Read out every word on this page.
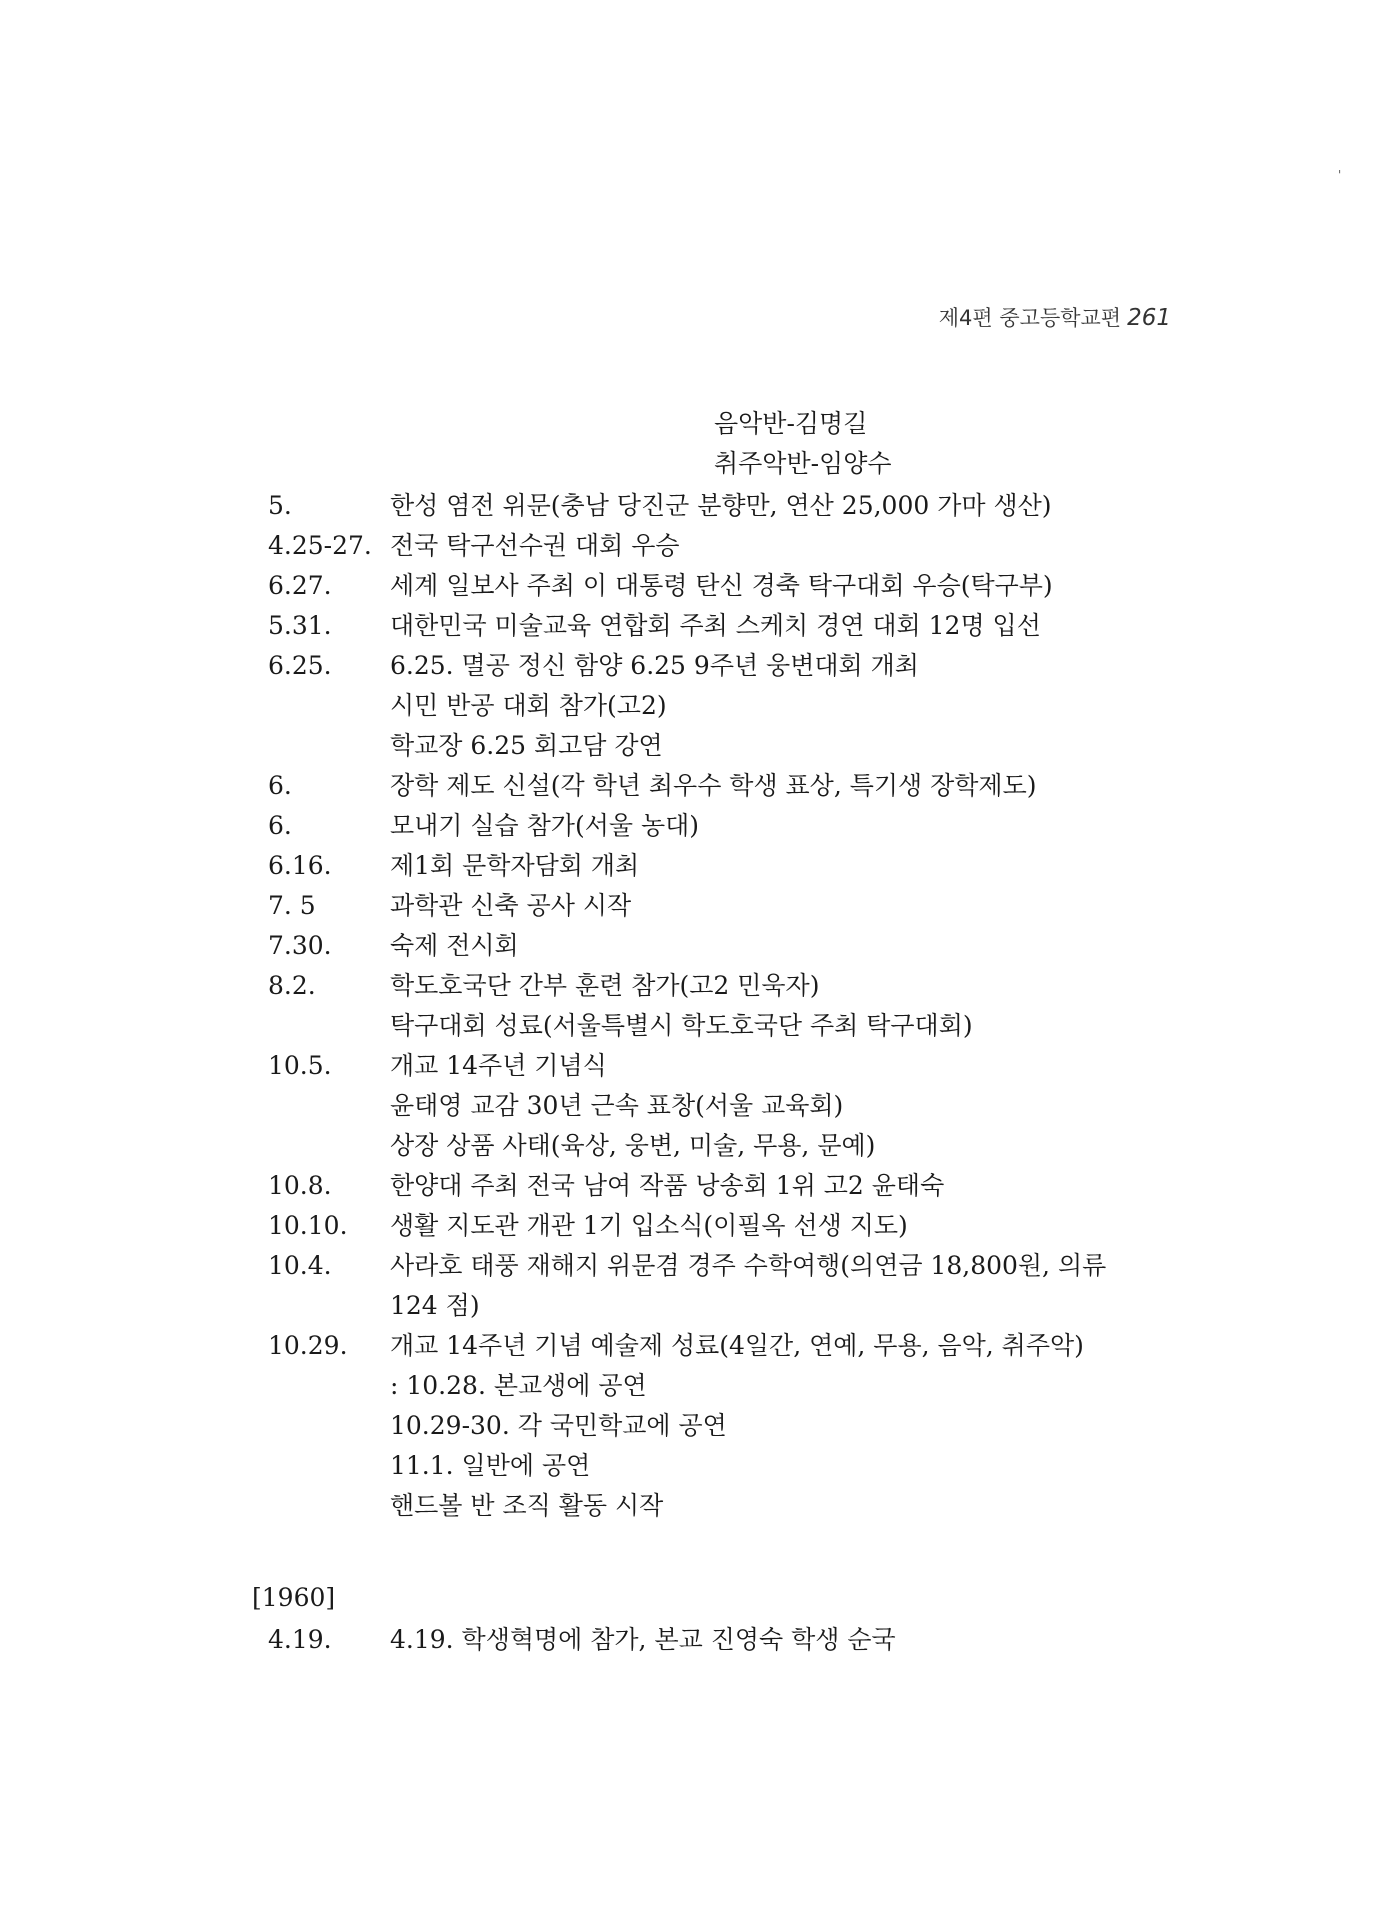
제4편 중고등학교편 261
'
음악반-김명길
취주악반-임양수
5.	한성 염전 위문(충남 당진군 분향만, 연산 25,000 가마 생산)
4.25-27. 전국 탁구선수권 대회 우승
6.27.	세계 일보사 주최 이 대통령 탄신 경축 탁구대회 우승(탁구부)
5.31.	대한민국 미술교육 연합회 주최 스케치 경연 대회 12명 입선
6.25.	6.25. 멸공 정신 함양 6.25 9주년 웅변대회 개최
시민 반공 대회 참가(고2)
학교장 6.25 회고담 강연
6.	장학 제도 신설(각 학년 최우수 학생 표상, 특기생 장학제도)
6.	모내기 실습 참가(서울 농대)
6.16.	제1회 문학자담회 개최
7. 5	과학관 신축 공사 시작
7.30.	숙제 전시회
8.2.	학도호국단 간부 훈련 참가(고2 민욱자)
탁구대회 성료(서울특별시 학도호국단 주최 탁구대회)
10.5.	개교 14주년 기념식
윤태영 교감 30년 근속 표창(서울 교육회)
상장 상품 사태(육상, 웅변, 미술, 무용, 문예)
10.8.	한양대 주최 전국 남여 작품 낭송회 1위 고2 윤태숙
10.10.	생활 지도관 개관 1기 입소식(이필옥 선생 지도)
10.4.	사라호 태풍 재해지 위문겸 경주 수학여행(의연금 18,800원, 의류
124 점)
10.29.	개교 14주년 기념 예술제 성료(4일간, 연예, 무용, 음악, 취주악)
: 10.28. 본교생에 공연
10.29-30. 각 국민학교에 공연
11.1. 일반에 공연
핸드볼 반 조직 활동 시작
[1960]
4.19.	4.19. 학생혁명에 참가, 본교 진영숙 학생 순국
